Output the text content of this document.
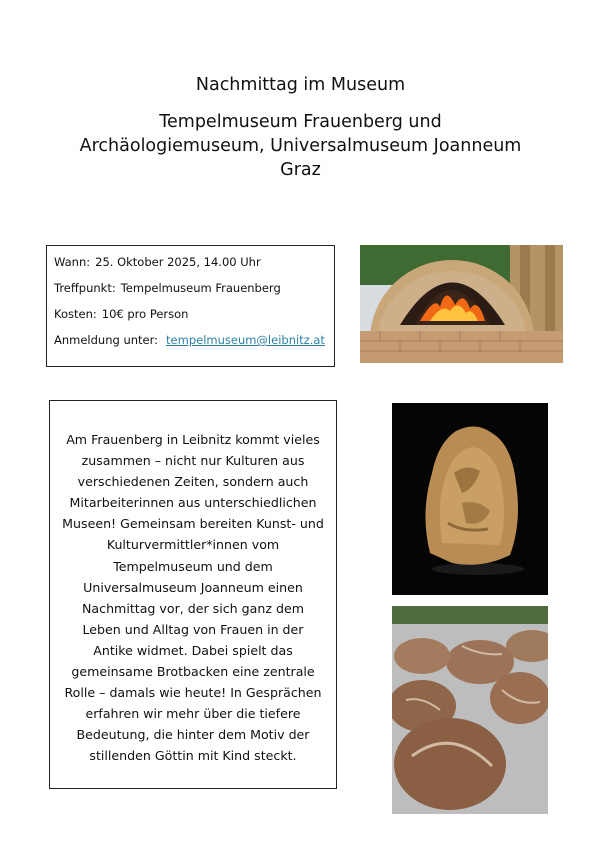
Nachmittag im Museum
Tempelmuseum Frauenberg und
Archäologiemuseum, Universalmuseum Joanneum
Graz
Wann: 25. Oktober 2025, 14.00 Uhr
Treffpunkt: Tempelmuseum Frauenberg
Kosten: 10€ pro Person
Anmeldung unter: tempelmuseum@leibnitz.at
Am Frauenberg in Leibnitz kommt vieles
zusammen – nicht nur Kulturen aus
verschiedenen Zeiten, sondern auch
Mitarbeiterinnen aus unterschiedlichen
Museen! Gemeinsam bereiten Kunst- und
Kulturvermittler*innen vom
Tempelmuseum und dem
Universalmuseum Joanneum einen
Nachmittag vor, der sich ganz dem
Leben und Alltag von Frauen in der
Antike widmet. Dabei spielt das
gemeinsame Brotbacken eine zentrale
Rolle – damals wie heute! In Gesprächen
erfahren wir mehr über die tiefere
Bedeutung, die hinter dem Motiv der
stillenden Göttin mit Kind steckt.
